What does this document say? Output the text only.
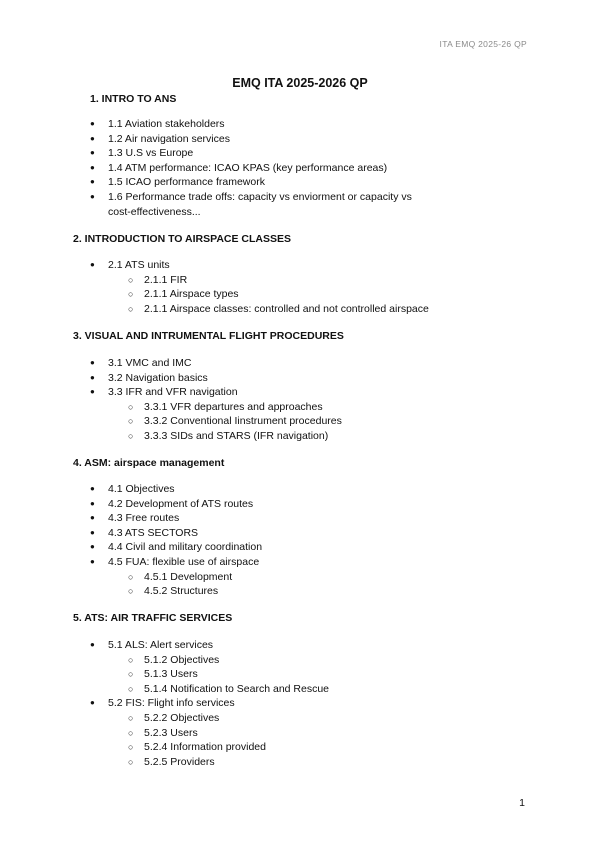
ITA EMQ 2025-26 QP
EMQ ITA 2025-2026 QP
1. INTRO TO ANS
● 1.1 Aviation stakeholders
● 1.2 Air navigation services
● 1.3 U.S vs Europe
● 1.4 ATM performance: ICAO KPAS (key performance areas)
● 1.5 ICAO performance framework
● 1.6 Performance trade offs: capacity vs enviorment or capacity vs cost-effectiveness...
2. INTRODUCTION TO AIRSPACE CLASSES
● 2.1 ATS units
○ 2.1.1 FIR
○ 2.1.1 Airspace types
○ 2.1.1 Airspace classes: controlled and not controlled airspace
3. VISUAL AND INTRUMENTAL FLIGHT PROCEDURES
● 3.1 VMC and IMC
● 3.2 Navigation basics
● 3.3 IFR and VFR navigation
○ 3.3.1 VFR departures and approaches
○ 3.3.2 Conventional Iinstrument procedures
○ 3.3.3 SIDs and STARS (IFR navigation)
4. ASM: airspace management
● 4.1 Objectives
● 4.2 Development of ATS routes
● 4.3 Free routes
● 4.3 ATS SECTORS
● 4.4 Civil and military coordination
● 4.5 FUA: flexible use of airspace
○ 4.5.1 Development
○ 4.5.2 Structures
5. ATS: AIR TRAFFIC SERVICES
● 5.1 ALS: Alert services
○ 5.1.2 Objectives
○ 5.1.3 Users
○ 5.1.4 Notification to Search and Rescue
● 5.2 FIS: Flight info services
○ 5.2.2 Objectives
○ 5.2.3 Users
○ 5.2.4 Information provided
○ 5.2.5 Providers
1
